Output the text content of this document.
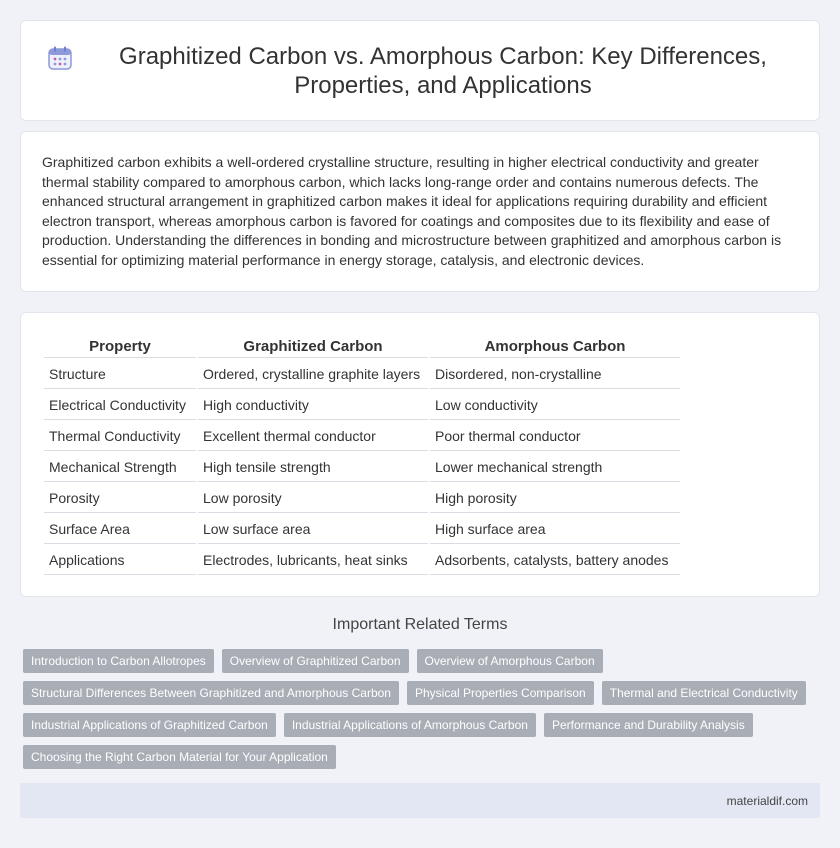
Graphitized Carbon vs. Amorphous Carbon: Key Differences, Properties, and Applications

Graphitized carbon exhibits a well-ordered crystalline structure, resulting in higher electrical conductivity and greater thermal stability compared to amorphous carbon, which lacks long-range order and contains numerous defects. The enhanced structural arrangement in graphitized carbon makes it ideal for applications requiring durability and efficient electron transport, whereas amorphous carbon is favored for coatings and composites due to its flexibility and ease of production. Understanding the differences in bonding and microstructure between graphitized and amorphous carbon is essential for optimizing material performance in energy storage, catalysis, and electronic devices.

Property	Graphitized Carbon	Amorphous Carbon
Structure	Ordered, crystalline graphite layers	Disordered, non-crystalline
Electrical Conductivity	High conductivity	Low conductivity
Thermal Conductivity	Excellent thermal conductor	Poor thermal conductor
Mechanical Strength	High tensile strength	Lower mechanical strength
Porosity	Low porosity	High porosity
Surface Area	Low surface area	High surface area
Applications	Electrodes, lubricants, heat sinks	Adsorbents, catalysts, battery anodes
Important Related Terms
Introduction to Carbon Allotropes	Overview of Graphitized Carbon	Overview of Amorphous Carbon
Structural Differences Between Graphitized and Amorphous Carbon	Physical Properties Comparison	Thermal and Electrical Conductivity
Industrial Applications of Graphitized Carbon	Industrial Applications of Amorphous Carbon	Performance and Durability Analysis
Choosing the Right Carbon Material for Your Application
materialdif.com
